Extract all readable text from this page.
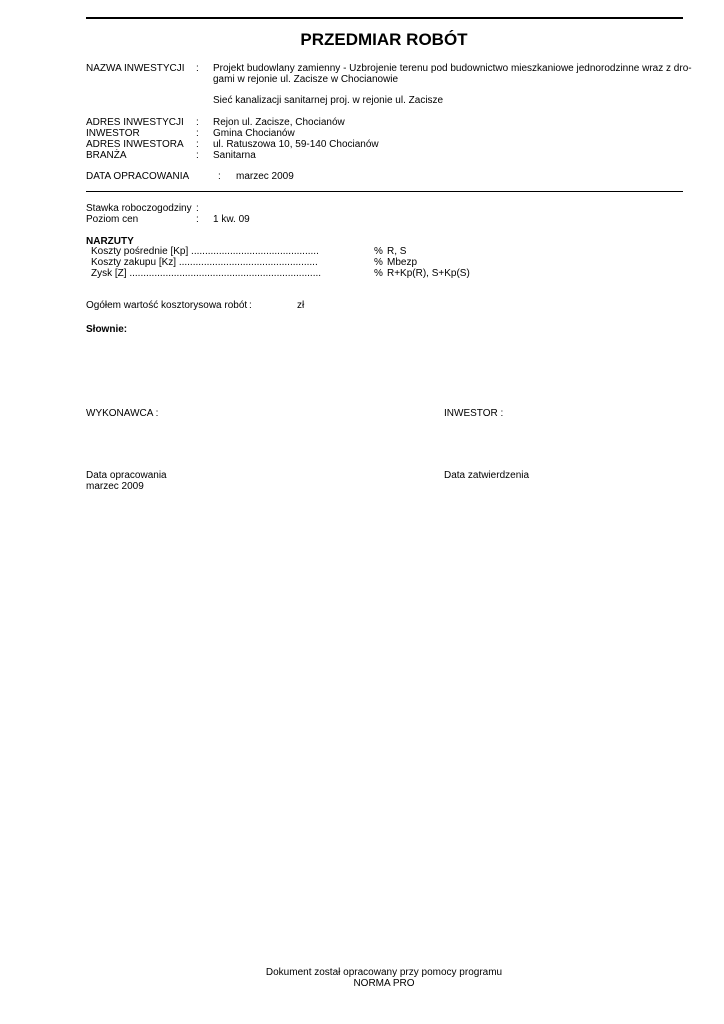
PRZEDMIAR ROBÓT
NAZWA INWESTYCJI : Projekt budowlany zamienny - Uzbrojenie terenu pod budownictwo mieszkaniowe jednorodzinne wraz z dro-
gami w rejonie ul. Zacisze w Chocianowie
Sieć kanalizacji sanitarnej proj. w rejonie ul. Zacisze
ADRES INWESTYCJI : Rejon ul. Zacisze, Chocianów
INWESTOR	: Gmina Chocianów
ADRES INWESTORA : ul. Ratuszowa 10, 59-140 Chocianów
BRANŻA	: Sanitarna
DATA OPRACOWANIA	: marzec 2009
Stawka roboczogodziny :
Poziom cen	: 1 kw. 09
NARZUTY
Koszty pośrednie [Kp] ..............................................	% R, S
Koszty zakupu [Kz] ..................................................	% Mbezp
Zysk [Z] .....................................................................	% R+Kp(R), S+Kp(S)
Ogółem wartość kosztorysowa robót :	zł
Słownie:
WYKONAWCA :	INWESTOR :
Data opracowania
marzec 2009
Data zatwierdzenia
Dokument został opracowany przy pomocy programu
NORMA PRO
